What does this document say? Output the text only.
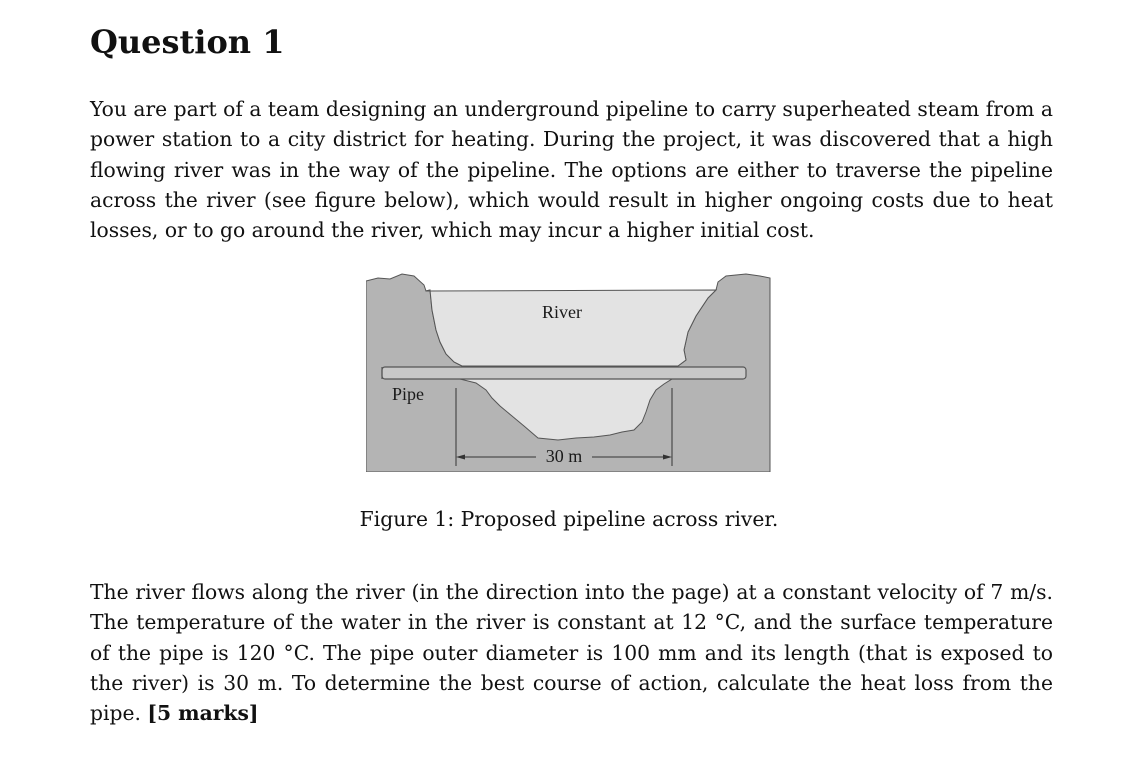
Question 1

You are part of a team designing an underground pipeline to carry superheated steam from a power station to a city district for heating. During the project, it was discovered that a high flowing river was in the way of the pipeline. The options are either to traverse the pipeline across the river (see figure below), which would result in higher ongoing costs due to heat losses, or to go around the river, which may incur a higher initial cost.

River
Pipe
30 m

Figure 1: Proposed pipeline across river.

The river flows along the river (in the direction into the page) at a constant velocity of 7 m/s. The temperature of the water in the river is constant at 12 °C, and the surface temperature of the pipe is 120 °C. The pipe outer diameter is 100 mm and its length (that is exposed to the river) is 30 m. To determine the best course of action, calculate the heat loss from the pipe. [5 marks]
